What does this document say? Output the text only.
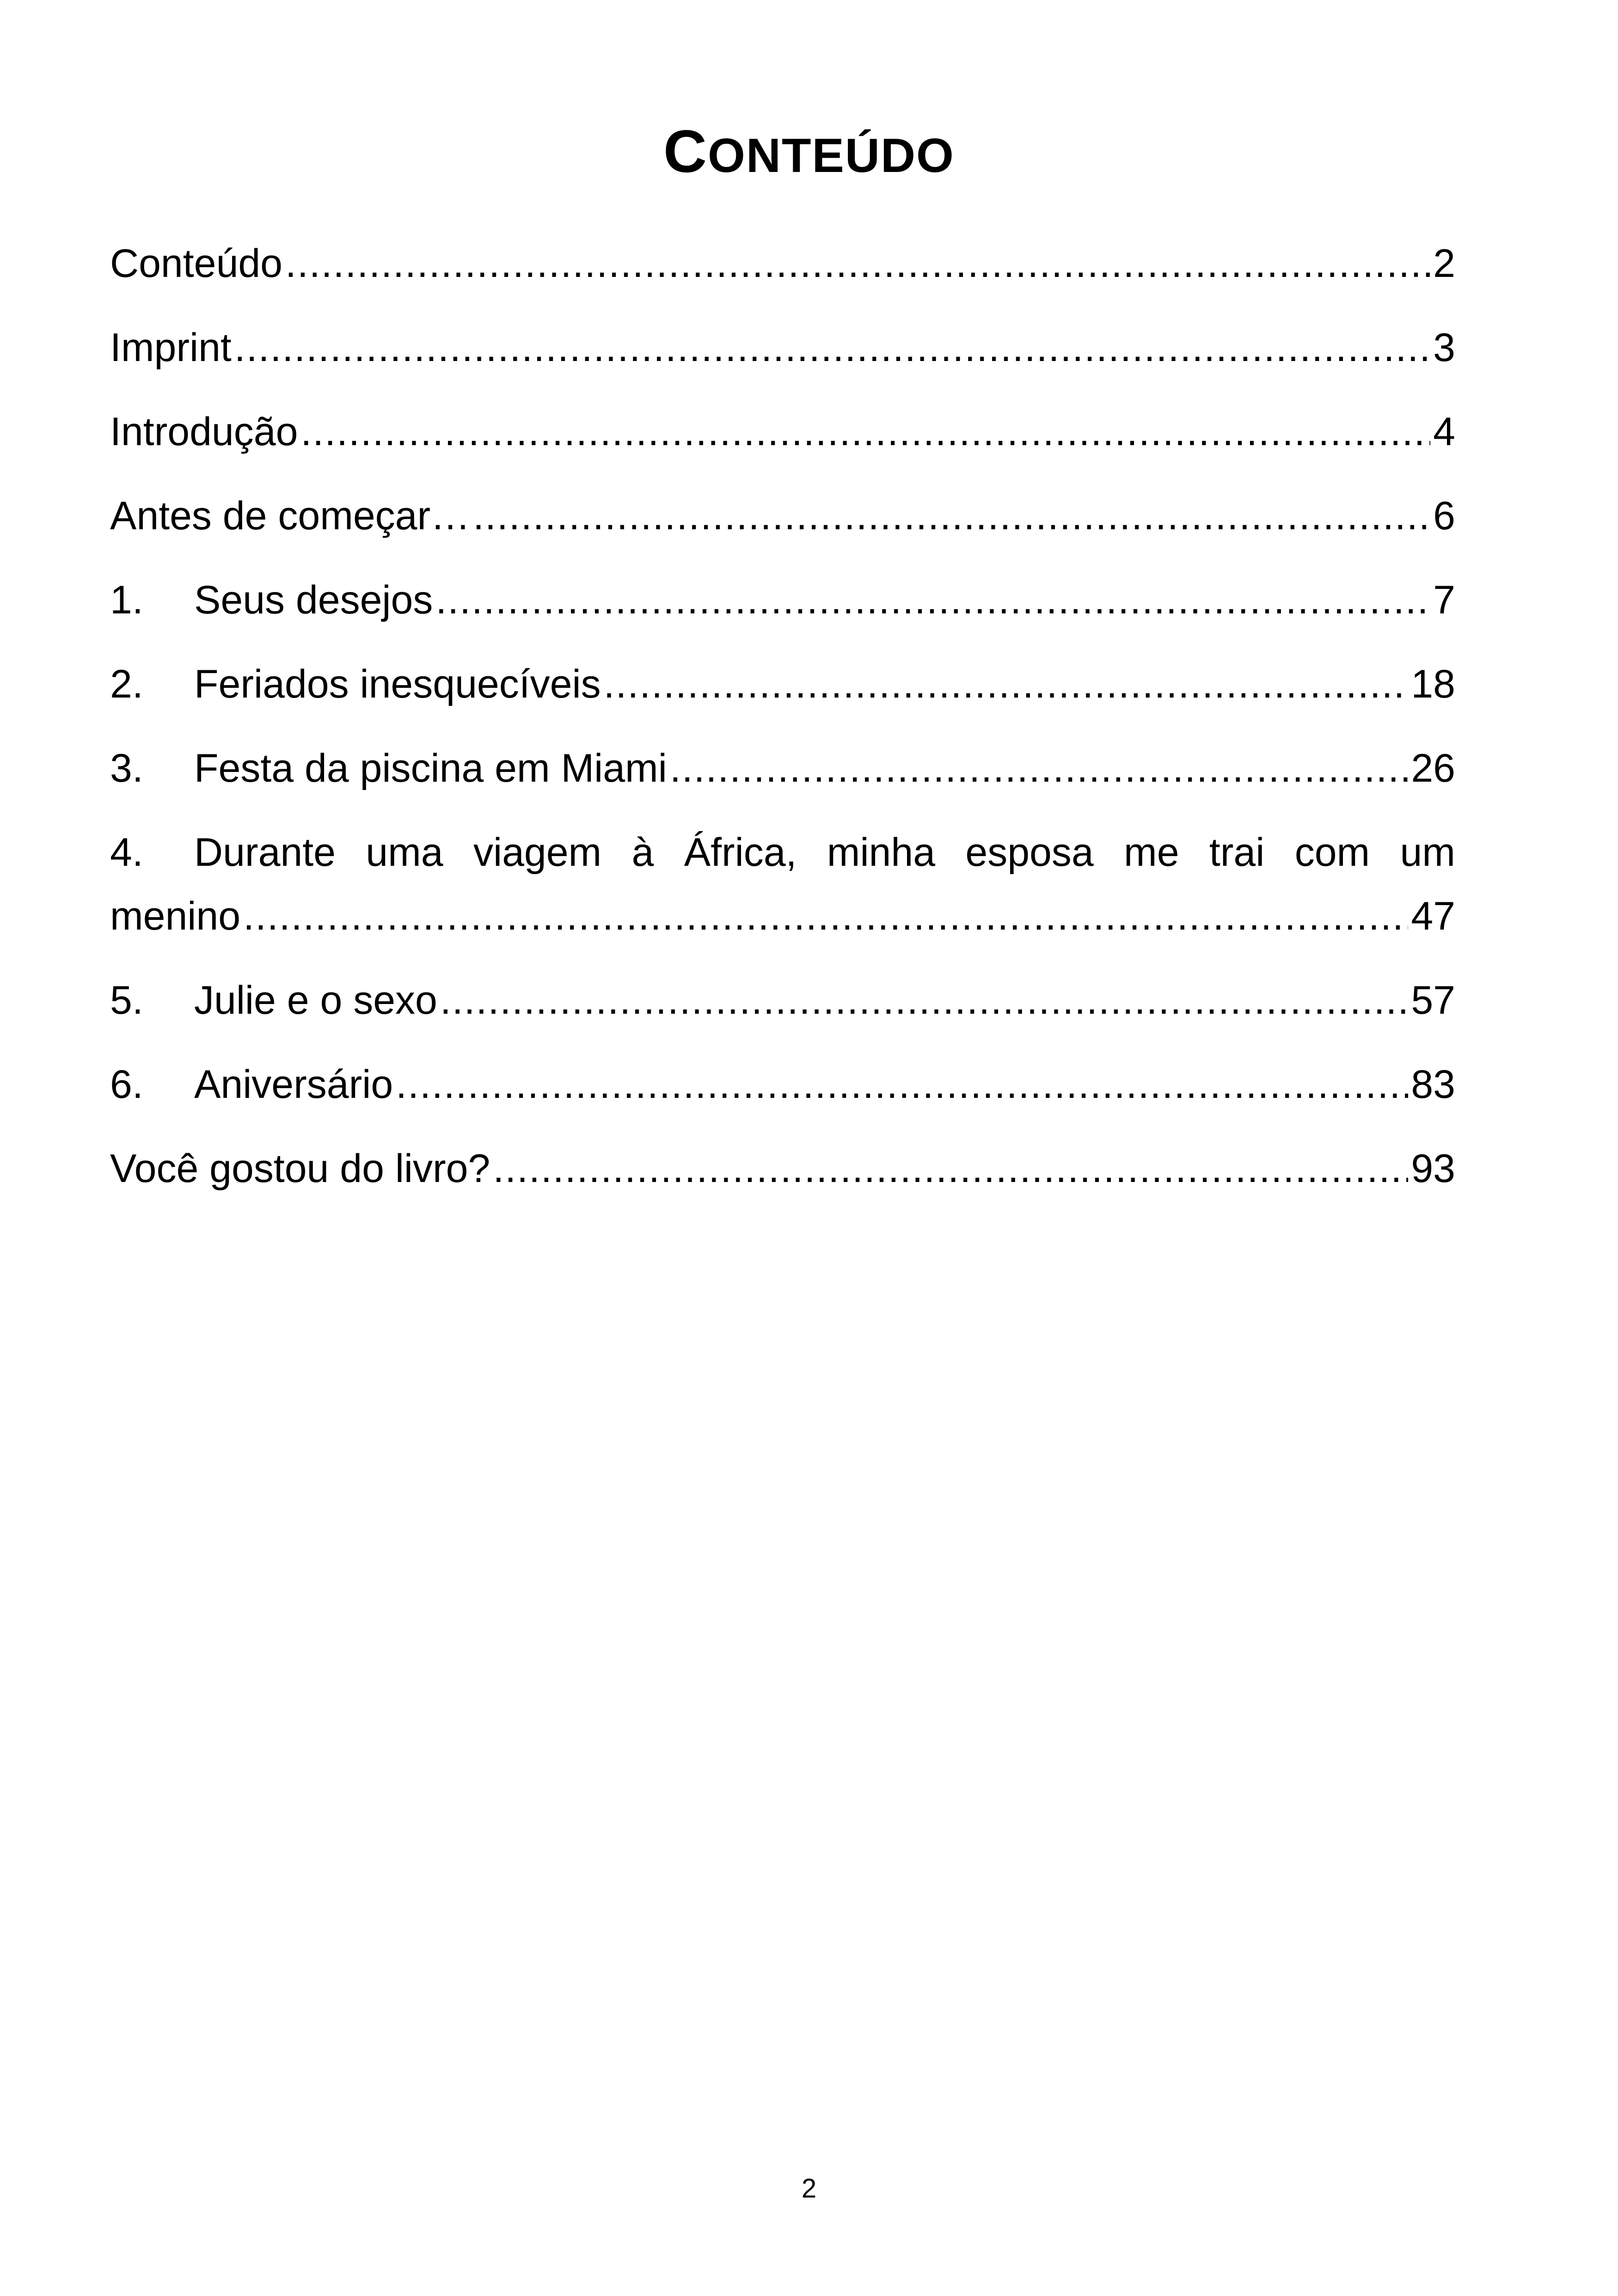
CONTEÚDO
Conteúdo .....	2
Imprint .....	3
Introdução .....	4
Antes de começar… .....	6
1.	Seus desejos .....	7
2.	Feriados inesquecíveis .....	18
3.	Festa da piscina em Miami .....	26
4.	Durante uma viagem à África, minha esposa me trai com um
menino .....	47
5.	Julie e o sexo .....	57
6.	Aniversário .....	83
Você gostou do livro? .....	93
2
